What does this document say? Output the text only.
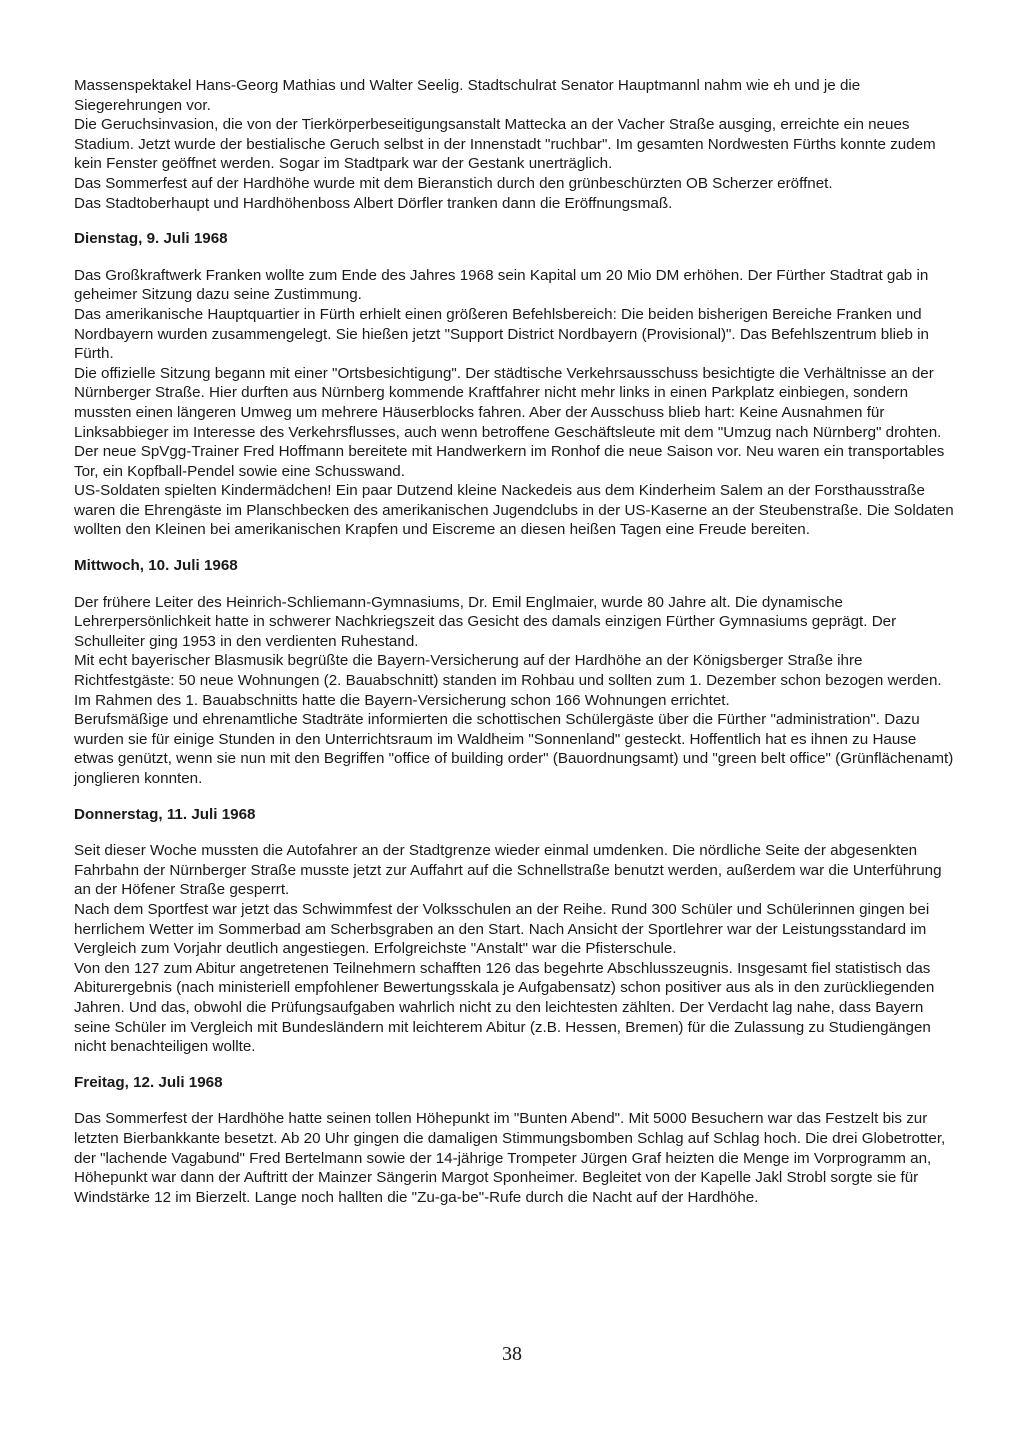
Massenspektakel Hans-Georg Mathias und Walter Seelig. Stadtschulrat Senator Hauptmannl nahm wie eh und je die Siegerehrungen vor.

Die Geruchsinvasion, die von der Tierkörperbeseitigungsanstalt Mattecka an der Vacher Straße ausging, erreichte ein neues Stadium. Jetzt wurde der bestialische Geruch selbst in der Innenstadt "ruchbar". Im gesamten Nordwesten Fürths konnte zudem kein Fenster geöffnet werden. Sogar im Stadtpark war der Gestank unerträglich.

Das Sommerfest auf der Hardhöhe wurde mit dem Bieranstich durch den grünbeschürzten OB Scherzer eröffnet.

Das Stadtoberhaupt und Hardhöhenboss Albert Dörfler tranken dann die Eröffnungsmaß.

Dienstag, 9. Juli 1968

Das Großkraftwerk Franken wollte zum Ende des Jahres 1968 sein Kapital um 20 Mio DM erhöhen. Der Fürther Stadtrat gab in geheimer Sitzung dazu seine Zustimmung.

Das amerikanische Hauptquartier in Fürth erhielt einen größeren Befehlsbereich: Die beiden bisherigen Bereiche Franken und Nordbayern wurden zusammengelegt. Sie hießen jetzt "Support District Nordbayern (Provisional)". Das Befehlszentrum blieb in Fürth.

Die offizielle Sitzung begann mit einer "Ortsbesichtigung". Der städtische Verkehrsausschuss besichtigte die Verhältnisse an der Nürnberger Straße. Hier durften aus Nürnberg kommende Kraftfahrer nicht mehr links in einen Parkplatz einbiegen, sondern mussten einen längeren Umweg um mehrere Häuserblocks fahren. Aber der Ausschuss blieb hart: Keine Ausnahmen für Linksabbieger im Interesse des Verkehrsflusses, auch wenn betroffene Geschäftsleute mit dem "Umzug nach Nürnberg" drohten.

Der neue SpVgg-Trainer Fred Hoffmann bereitete mit Handwerkern im Ronhof die neue Saison vor. Neu waren ein transportables Tor, ein Kopfball-Pendel sowie eine Schusswand.

US-Soldaten spielten Kindermädchen! Ein paar Dutzend kleine Nackedeis aus dem Kinderheim Salem an der Forsthausstraße waren die Ehrengäste im Planschbecken des amerikanischen Jugendclubs in der US-Kaserne an der Steubenstraße. Die Soldaten wollten den Kleinen bei amerikanischen Krapfen und Eiscreme an diesen heißen Tagen eine Freude bereiten.

Mittwoch, 10. Juli 1968

Der frühere Leiter des Heinrich-Schliemann-Gymnasiums, Dr. Emil Englmaier, wurde 80 Jahre alt. Die dynamische Lehrerpersönlichkeit hatte in schwerer Nachkriegszeit das Gesicht des damals einzigen Fürther Gymnasiums geprägt. Der Schulleiter ging 1953 in den verdienten Ruhestand.

Mit echt bayerischer Blasmusik begrüßte die Bayern-Versicherung auf der Hardhöhe an der Königsberger Straße ihre Richtfestgäste: 50 neue Wohnungen (2. Bauabschnitt) standen im Rohbau und sollten zum 1. Dezember schon bezogen werden. Im Rahmen des 1. Bauabschnitts hatte die Bayern-Versicherung schon 166 Wohnungen errichtet.

Berufsmäßige und ehrenamtliche Stadträte informierten die schottischen Schülergäste über die Fürther "administration". Dazu wurden sie für einige Stunden in den Unterrichtsraum im Waldheim "Sonnenland" gesteckt. Hoffentlich hat es ihnen zu Hause etwas genützt, wenn sie nun mit den Begriffen "office of building order" (Bauordnungsamt) und "green belt office" (Grünflächenamt) jonglieren konnten.

Donnerstag, 11. Juli 1968

Seit dieser Woche mussten die Autofahrer an der Stadtgrenze wieder einmal umdenken. Die nördliche Seite der abgesenkten Fahrbahn der Nürnberger Straße musste jetzt zur Auffahrt auf die Schnellstraße benutzt werden, außerdem war die Unterführung an der Höfener Straße gesperrt.

Nach dem Sportfest war jetzt das Schwimmfest der Volksschulen an der Reihe. Rund 300 Schüler und Schülerinnen gingen bei herrlichem Wetter im Sommerbad am Scherbsgraben an den Start. Nach Ansicht der Sportlehrer war der Leistungsstandard im Vergleich zum Vorjahr deutlich angestiegen. Erfolgreichste "Anstalt" war die Pfisterschule.

Von den 127 zum Abitur angetretenen Teilnehmern schafften 126 das begehrte Abschlusszeugnis. Insgesamt fiel statistisch das Abiturergebnis (nach ministeriell empfohlener Bewertungsskala je Aufgabensatz) schon positiver aus als in den zurückliegenden Jahren. Und das, obwohl die Prüfungsaufgaben wahrlich nicht zu den leichtesten zählten. Der Verdacht lag nahe, dass Bayern seine Schüler im Vergleich mit Bundesländern mit leichterem Abitur (z.B. Hessen, Bremen) für die Zulassung zu Studiengängen nicht benachteiligen wollte.

Freitag, 12. Juli 1968

Das Sommerfest der Hardhöhe hatte seinen tollen Höhepunkt im "Bunten Abend". Mit 5000 Besuchern war das Festzelt bis zur letzten Bierbankkante besetzt. Ab 20 Uhr gingen die damaligen Stimmungsbomben Schlag auf Schlag hoch. Die drei Globetrotter, der "lachende Vagabund" Fred Bertelmann sowie der 14-jährige Trompeter Jürgen Graf heizten die Menge im Vorprogramm an, Höhepunkt war dann der Auftritt der Mainzer Sängerin Margot Sponheimer. Begleitet von der Kapelle Jakl Strobl sorgte sie für Windstärke 12 im Bierzelt. Lange noch hallten die "Zu-ga-be"-Rufe durch die Nacht auf der Hardhöhe.

38
